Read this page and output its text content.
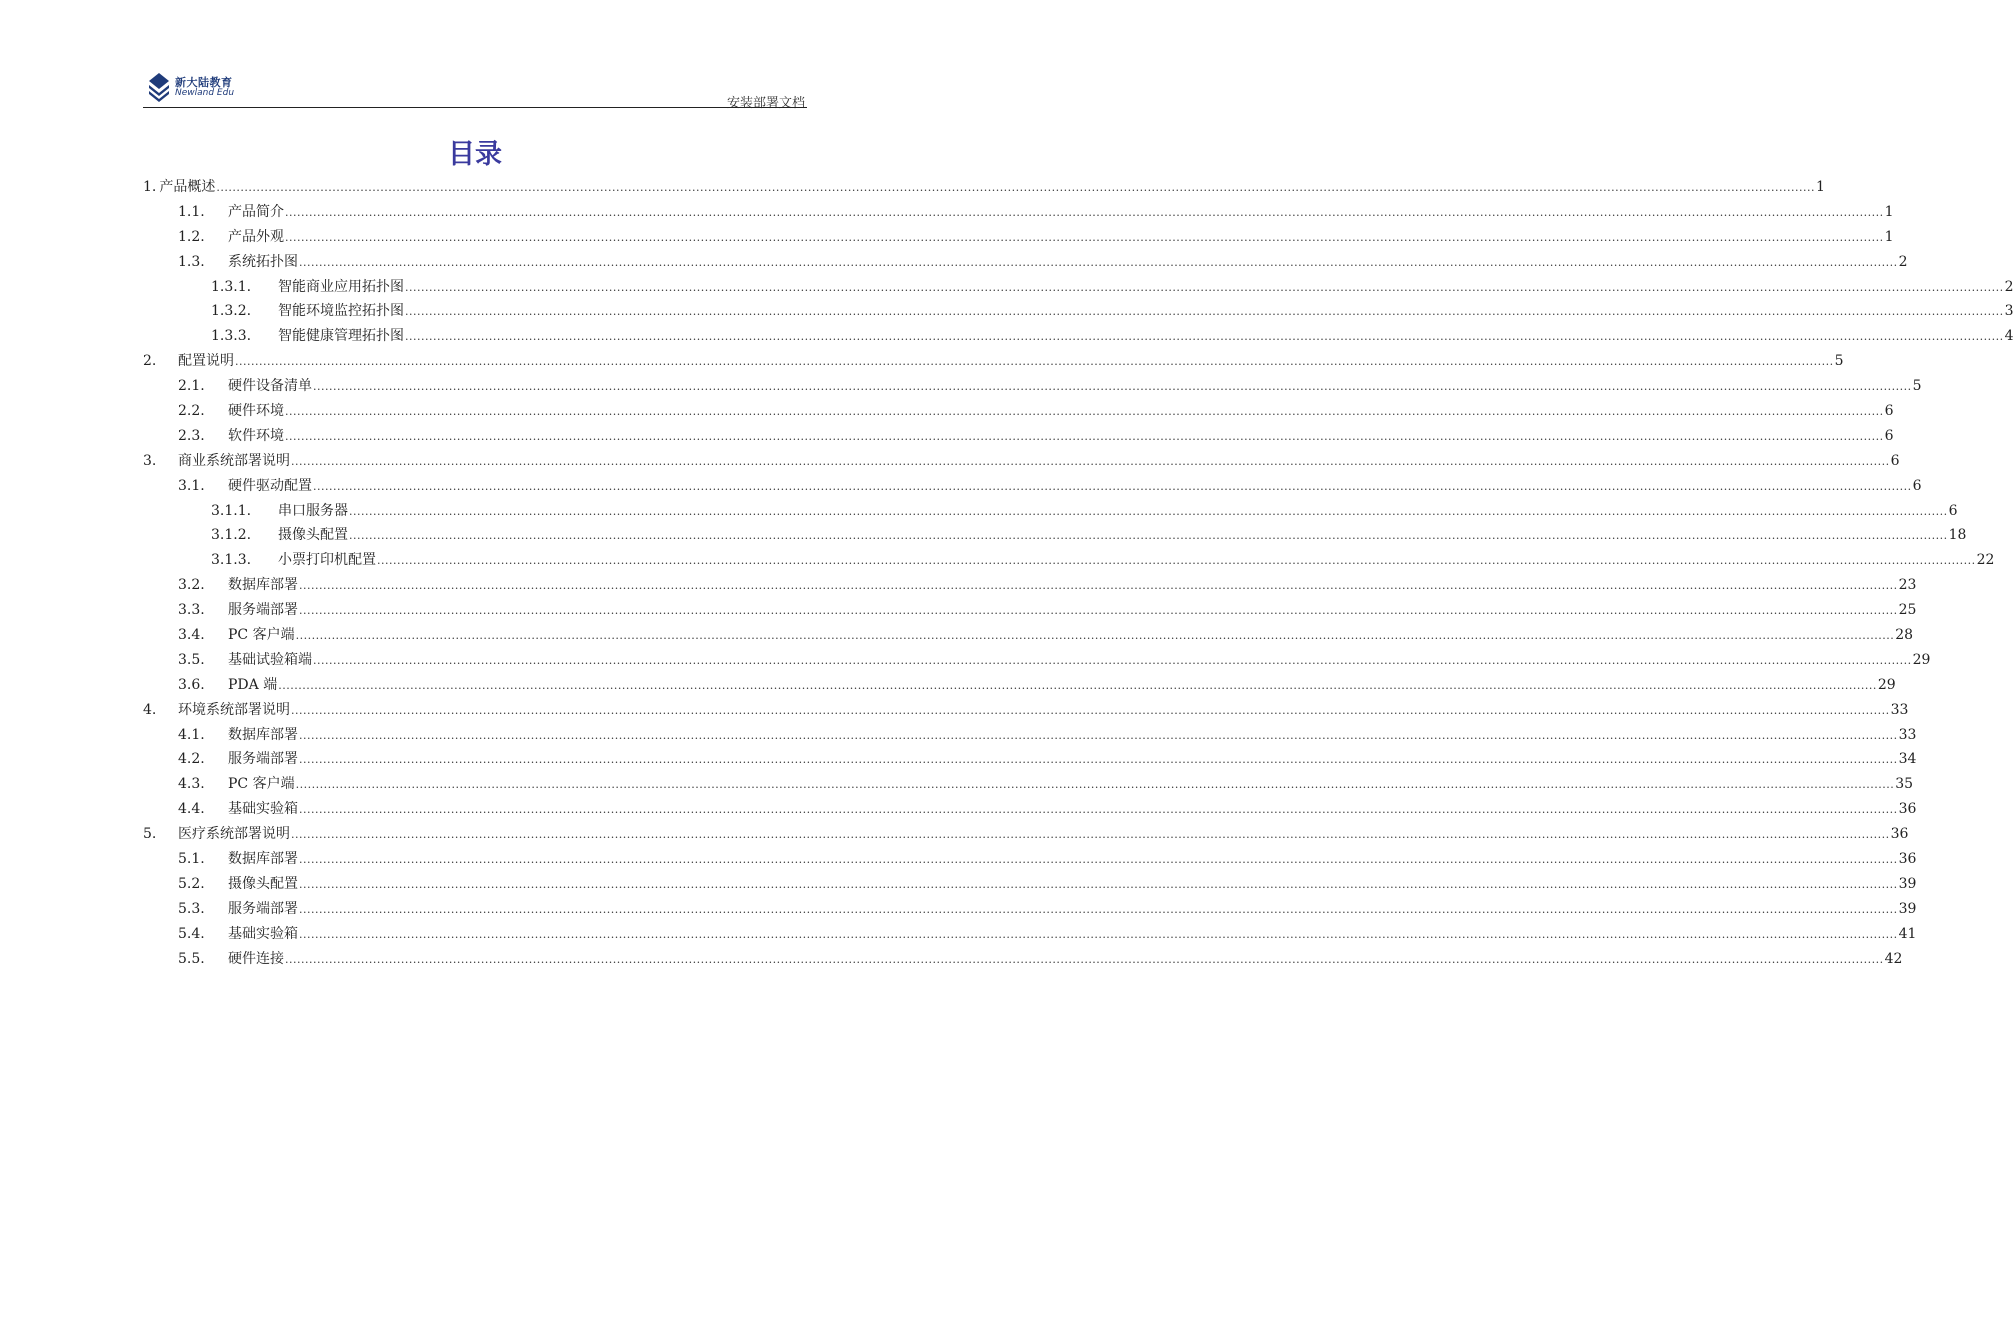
新大陆教育
Newland Edu
安装部署文档
目录
1. 产品概述 ................................................................................................................................................................................................................................................................................................................................................................................................................ 1
1.1.	产品简介 ................................................................................................................................................................................................................................................................................................................................................................................................................ 1
1.2.	产品外观 ................................................................................................................................................................................................................................................................................................................................................................................................................ 1
1.3.	系统拓扑图 ................................................................................................................................................................................................................................................................................................................................................................................................................ 2
1.3.1.	智能商业应用拓扑图 ................................................................................................................................................................................................................................................................................................................................................................................................................ 2
1.3.2.	智能环境监控拓扑图 ................................................................................................................................................................................................................................................................................................................................................................................................................ 3
1.3.3.	智能健康管理拓扑图 ................................................................................................................................................................................................................................................................................................................................................................................................................ 4
2.	配置说明 ................................................................................................................................................................................................................................................................................................................................................................................................................ 5
2.1.	硬件设备清单 ................................................................................................................................................................................................................................................................................................................................................................................................................ 5
2.2.	硬件环境 ................................................................................................................................................................................................................................................................................................................................................................................................................ 6
2.3.	软件环境 ................................................................................................................................................................................................................................................................................................................................................................................................................ 6
3.	商业系统部署说明 ................................................................................................................................................................................................................................................................................................................................................................................................................ 6
3.1.	硬件驱动配置 ................................................................................................................................................................................................................................................................................................................................................................................................................ 6
3.1.1.	串口服务器 ................................................................................................................................................................................................................................................................................................................................................................................................................ 6
3.1.2.	摄像头配置 ................................................................................................................................................................................................................................................................................................................................................................................................................ 18
3.1.3.	小票打印机配置 ................................................................................................................................................................................................................................................................................................................................................................................................................ 22
3.2.	数据库部署 ................................................................................................................................................................................................................................................................................................................................................................................................................ 23
3.3.	服务端部署 ................................................................................................................................................................................................................................................................................................................................................................................................................ 25
3.4.	PC 客户端 ................................................................................................................................................................................................................................................................................................................................................................................................................ 28
3.5.	基础试验箱端 ................................................................................................................................................................................................................................................................................................................................................................................................................ 29
3.6.	PDA 端 ................................................................................................................................................................................................................................................................................................................................................................................................................ 29
4.	环境系统部署说明 ................................................................................................................................................................................................................................................................................................................................................................................................................ 33
4.1.	数据库部署 ................................................................................................................................................................................................................................................................................................................................................................................................................ 33
4.2.	服务端部署 ................................................................................................................................................................................................................................................................................................................................................................................................................ 34
4.3.	PC 客户端 ................................................................................................................................................................................................................................................................................................................................................................................................................ 35
4.4.	基础实验箱 ................................................................................................................................................................................................................................................................................................................................................................................................................ 36
5.	医疗系统部署说明 ................................................................................................................................................................................................................................................................................................................................................................................................................ 36
5.1.	数据库部署 ................................................................................................................................................................................................................................................................................................................................................................................................................ 36
5.2.	摄像头配置 ................................................................................................................................................................................................................................................................................................................................................................................................................ 39
5.3.	服务端部署 ................................................................................................................................................................................................................................................................................................................................................................................................................ 39
5.4.	基础实验箱 ................................................................................................................................................................................................................................................................................................................................................................................................................ 41
5.5.	硬件连接 ................................................................................................................................................................................................................................................................................................................................................................................................................ 42
